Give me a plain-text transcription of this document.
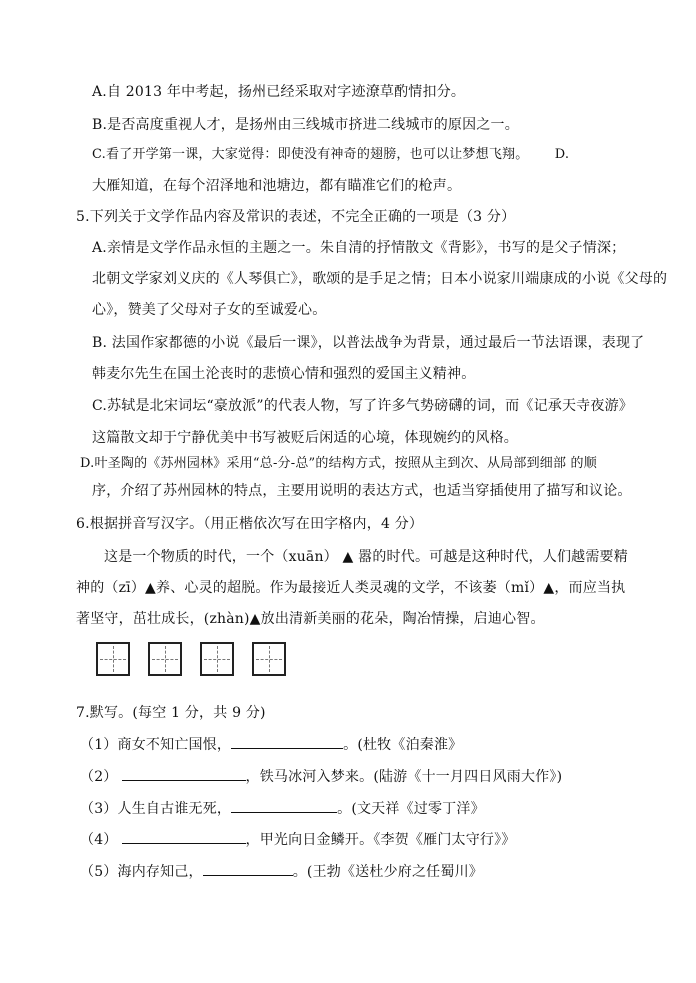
A.自 2013 年中考起，扬州已经采取对字迹潦草酌情扣分。
B.是否高度重视人才，是扬州由三线城市挤进二线城市的原因之一。
C.看了开学第一课，大家觉得：即使没有神奇的翅膀，也可以让梦想飞翔。 D.
大雁知道，在每个沼泽地和池塘边，都有瞄准它们的枪声。
5.下列关于文学作品内容及常识的表述，不完全正确的一项是（3 分）
A.亲情是文学作品永恒的主题之一。朱自清的抒情散文《背影》，书写的是父子情深；
北朝文学家刘义庆的《人琴俱亡》，歌颂的是手足之情；日本小说家川端康成的小说《父母的
心》，赞美了父母对子女的至诚爱心。
B. 法国作家都德的小说《最后一课》，以普法战争为背景，通过最后一节法语课，表现了
韩麦尔先生在国土沦丧时的悲愤心情和强烈的爱国主义精神。
C.苏轼是北宋词坛“豪放派”的代表人物，写了许多气势磅礴的词，而《记承天寺夜游》
这篇散文却于宁静优美中书写被贬后闲适的心境，体现婉约的风格。
D.叶圣陶的《苏州园林》采用“总-分-总”的结构方式，按照从主到次、从局部到细部 的顺
序，介绍了苏州园林的特点，主要用说明的表达方式，也适当穿插使用了描写和议论。
6.根据拼音写汉字。（用正楷依次写在田字格内，4 分）
这是一个物质的时代，一个（xuān） ▲ 嚣的时代。可越是这种时代，人们越需要精
神的（zī）▲养、心灵的超脱。作为最接近人类灵魂的文学，不该萎（mǐ）▲，而应当执
著坚守，茁壮成长，(zhàn)▲放出清新美丽的花朵，陶冶情操，启迪心智。
7.默写。(每空 1 分，共 9 分)
（1）商女不知亡国恨，	。(杜牧《泊秦淮》
（2）	，铁马冰河入梦来。(陆游《十一月四日风雨大作》)
（3）人生自古谁无死，	。(文天祥《过零丁洋》
（4）	，甲光向日金鳞开。《李贺《雁门太守行》》
（5）海内存知己，	。(王勃《送杜少府之任蜀川》
